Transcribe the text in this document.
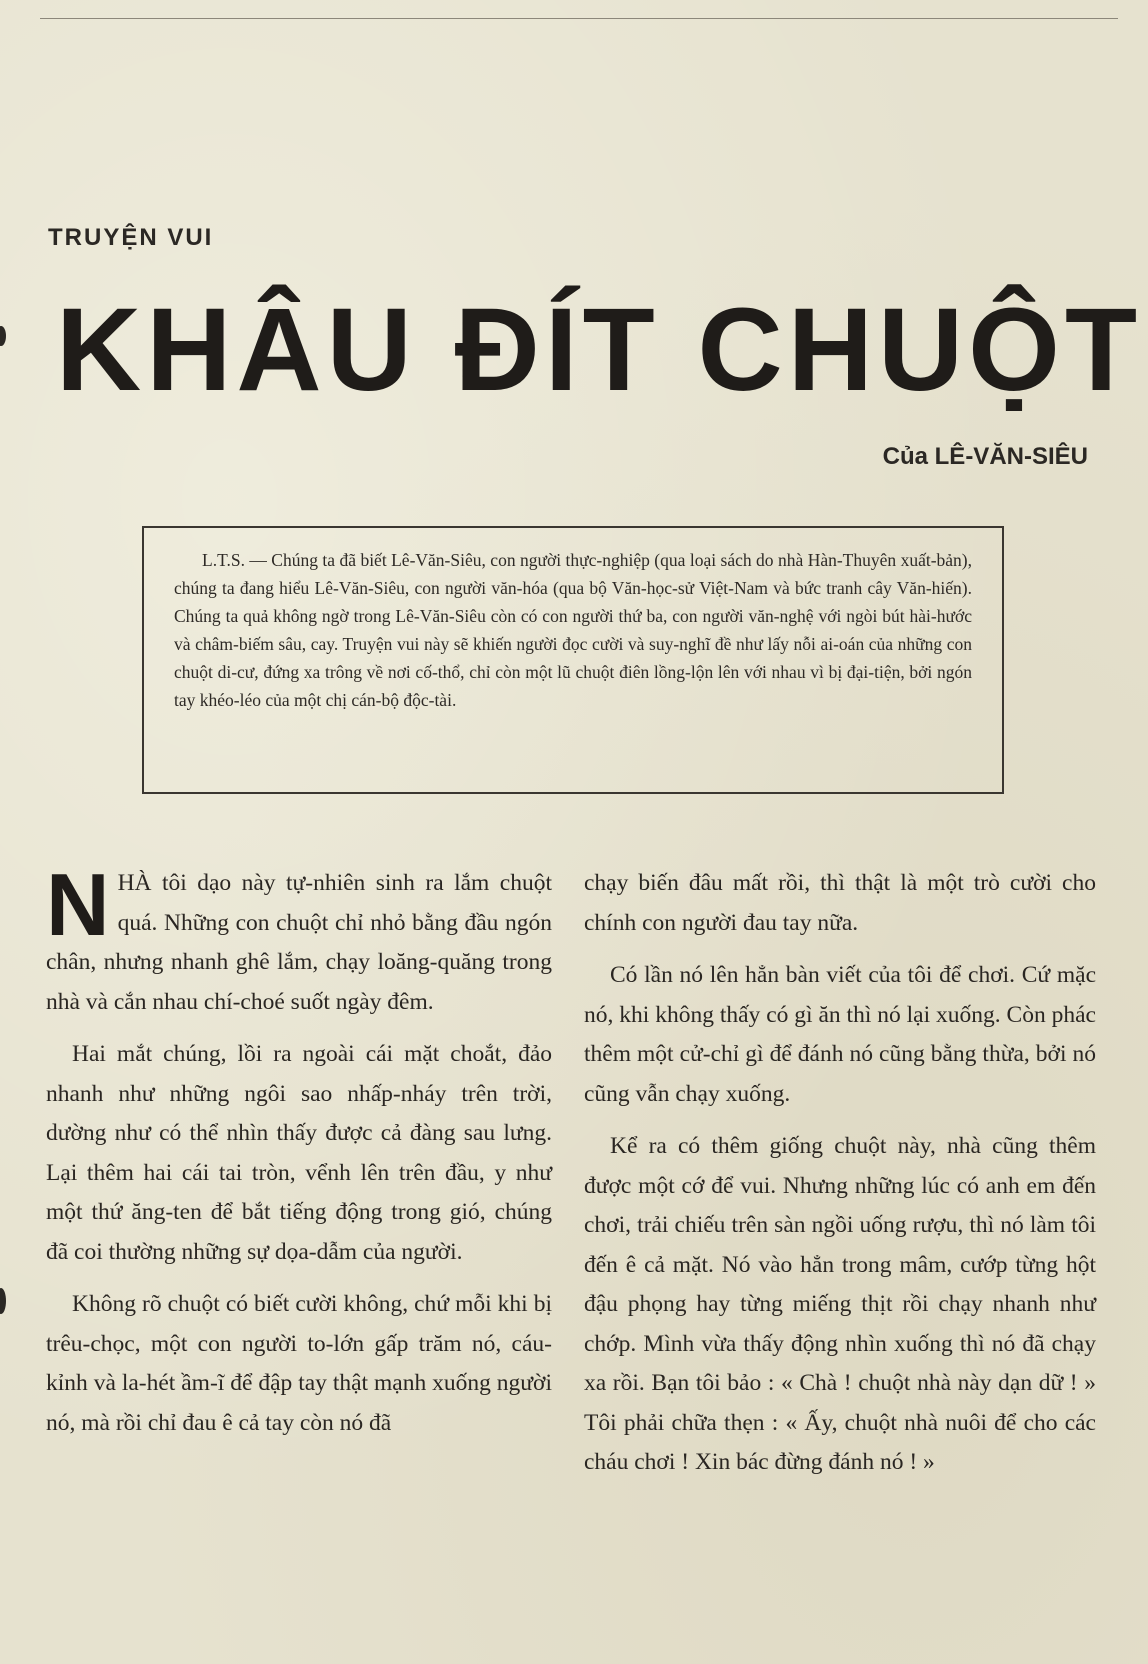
TRUYỆN VUI
KHÂU ĐÍT CHUỘT
Của LÊ-VĂN-SIÊU

L.T.S. — Chúng ta đã biết Lê-Văn-Siêu, con người thực-nghiệp (qua loại sách do nhà Hàn-Thuyên xuất-bản), chúng ta đang hiểu Lê-Văn-Siêu, con người văn-hóa (qua bộ Văn-học-sử Việt-Nam và bức tranh cây Văn-hiến). Chúng ta quả không ngờ trong Lê-Văn-Siêu còn có con người thứ ba, con người văn-nghệ với ngòi bút hài-hước và châm-biếm sâu, cay. Truyện vui này sẽ khiến người đọc cười và suy-nghĩ đề như lấy nỗi ai-oán của những con chuột di-cư, đứng xa trông về nơi cố-thổ, chỉ còn một lũ chuột điên lồng-lộn lên với nhau vì bị đại-tiện, bởi ngón tay khéo-léo của một chị cán-bộ độc-tài.

NHÀ tôi dạo này tự-nhiên sinh ra lắm chuột quá. Những con chuột chỉ nhỏ bằng đầu ngón chân, nhưng nhanh ghê lắm, chạy loăng-quăng trong nhà và cắn nhau chí-choé suốt ngày đêm.

Hai mắt chúng, lồi ra ngoài cái mặt choắt, đảo nhanh như những ngôi sao nhấp-nháy trên trời, dường như có thể nhìn thấy được cả đàng sau lưng. Lại thêm hai cái tai tròn, vểnh lên trên đầu, y như một thứ ăng-ten để bắt tiếng động trong gió, chúng đã coi thường những sự dọa-dẫm của người.

Không rõ chuột có biết cười không, chứ mỗi khi bị trêu-chọc, một con người to-lớn gấp trăm nó, cáu-kỉnh và la-hét ầm-ĩ để đập tay thật mạnh xuống người nó, mà rồi chỉ đau ê cả tay còn nó đã

chạy biến đâu mất rồi, thì thật là một trò cười cho chính con người đau tay nữa.

Có lần nó lên hẳn bàn viết của tôi để chơi. Cứ mặc nó, khi không thấy có gì ăn thì nó lại xuống. Còn phác thêm một cử-chỉ gì để đánh nó cũng bằng thừa, bởi nó cũng vẫn chạy xuống.

Kể ra có thêm giống chuột này, nhà cũng thêm được một cớ để vui. Nhưng những lúc có anh em đến chơi, trải chiếu trên sàn ngồi uống rượu, thì nó làm tôi đến ê cả mặt. Nó vào hẳn trong mâm, cướp từng hột đậu phọng hay từng miếng thịt rồi chạy nhanh như chớp. Mình vừa thấy động nhìn xuống thì nó đã chạy xa rồi. Bạn tôi bảo : « Chà ! chuột nhà này dạn dữ ! » Tôi phải chữa thẹn : « Ấy, chuột nhà nuôi để cho các cháu chơi ! Xin bác đừng đánh nó ! »
